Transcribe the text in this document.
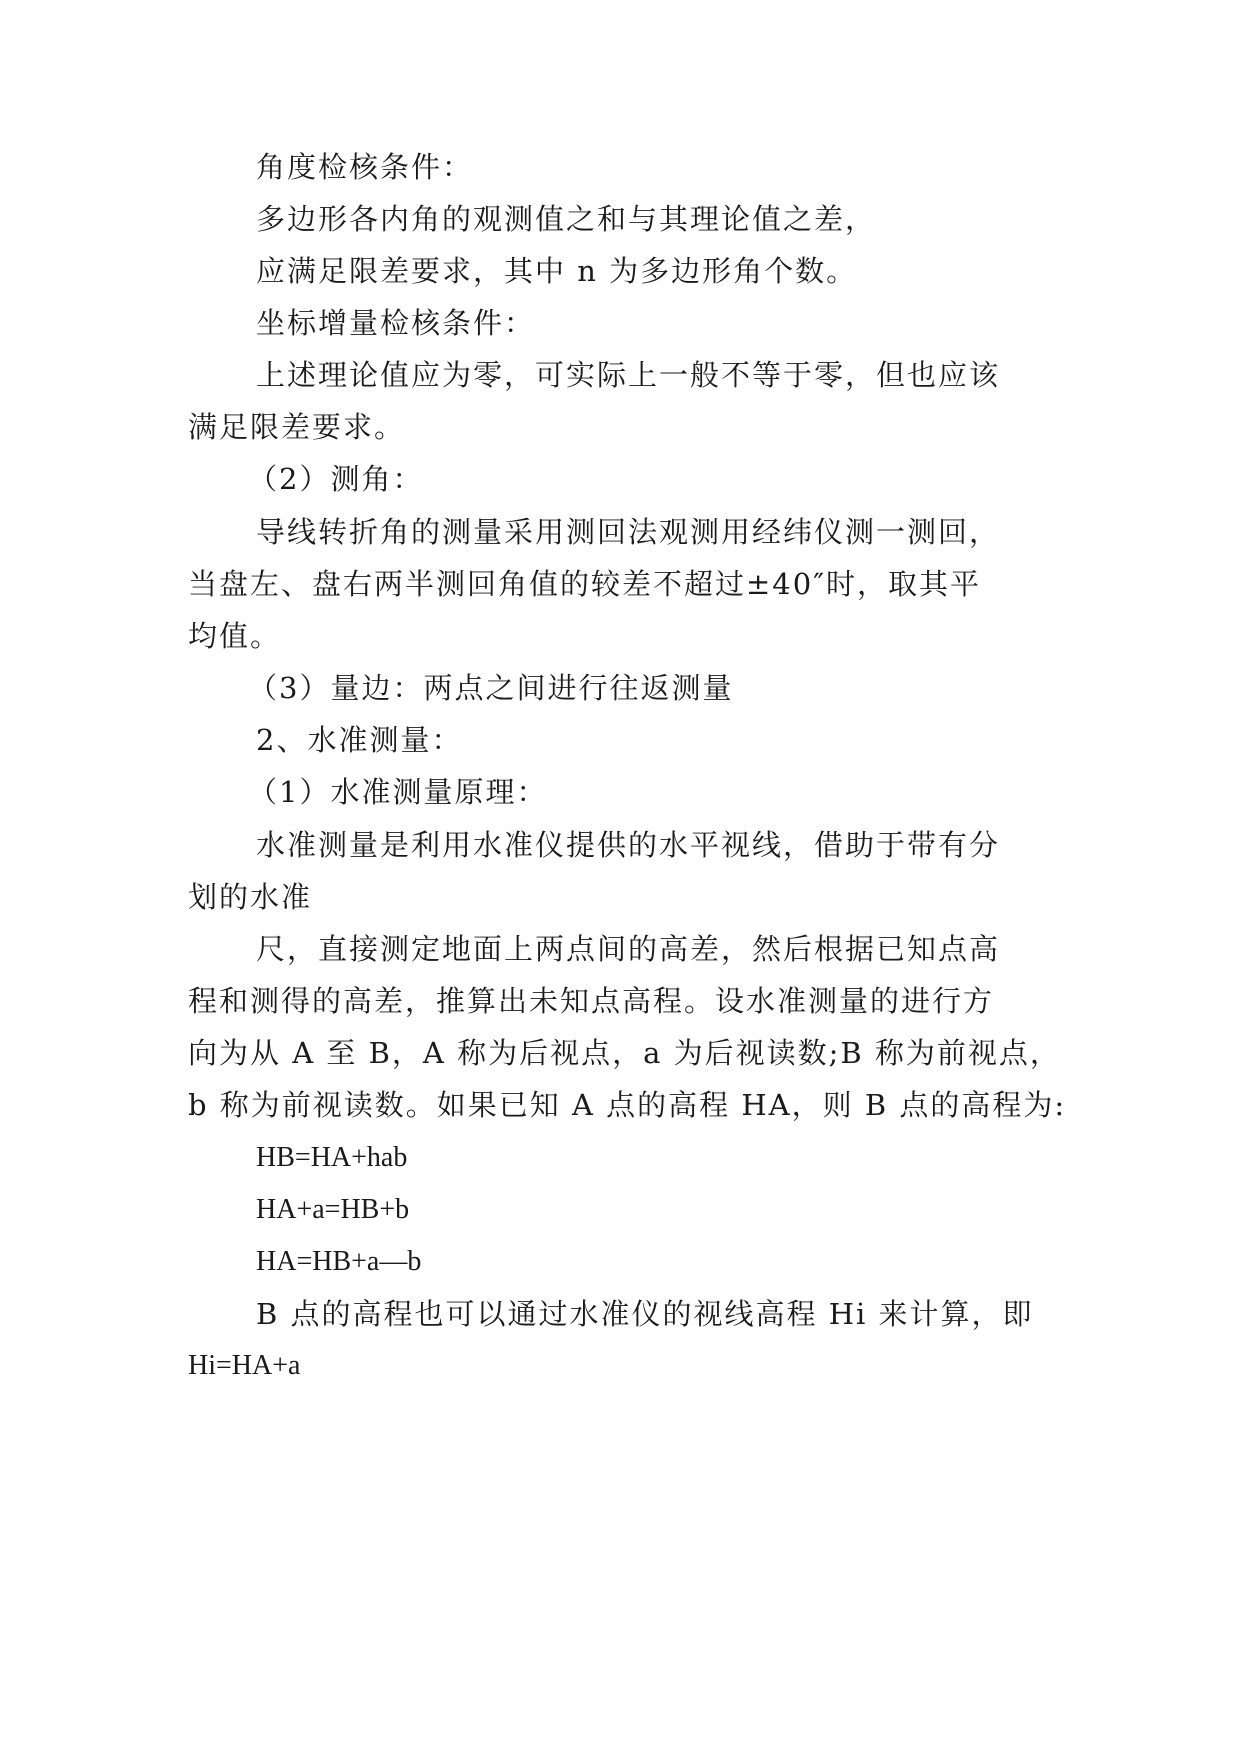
角度检核条件：
多边形各内角的观测值之和与其理论值之差，
应满足限差要求，其中 n 为多边形角个数。
坐标增量检核条件：
上述理论值应为零，可实际上一般不等于零，但也应该
满足限差要求。
（2）测角：
导线转折角的测量采用测回法观测用经纬仪测一测回，
当盘左、盘右两半测回角值的较差不超过±40″时，取其平
均值。
（3）量边：两点之间进行往返测量
2、水准测量：
（1）水准测量原理：
水准测量是利用水准仪提供的水平视线，借助于带有分
划的水准
尺，直接测定地面上两点间的高差，然后根据已知点高
程和测得的高差，推算出未知点高程。设水准测量的进行方
向为从 A 至 B，A 称为后视点，a 为后视读数;B 称为前视点，
b 称为前视读数。如果已知 A 点的高程 HA，则 B 点的高程为:
HB=HA+hab
HA+a=HB+b
HA=HB+a—b
B 点的高程也可以通过水准仪的视线高程 Hi 来计算，即
Hi=HA+a
